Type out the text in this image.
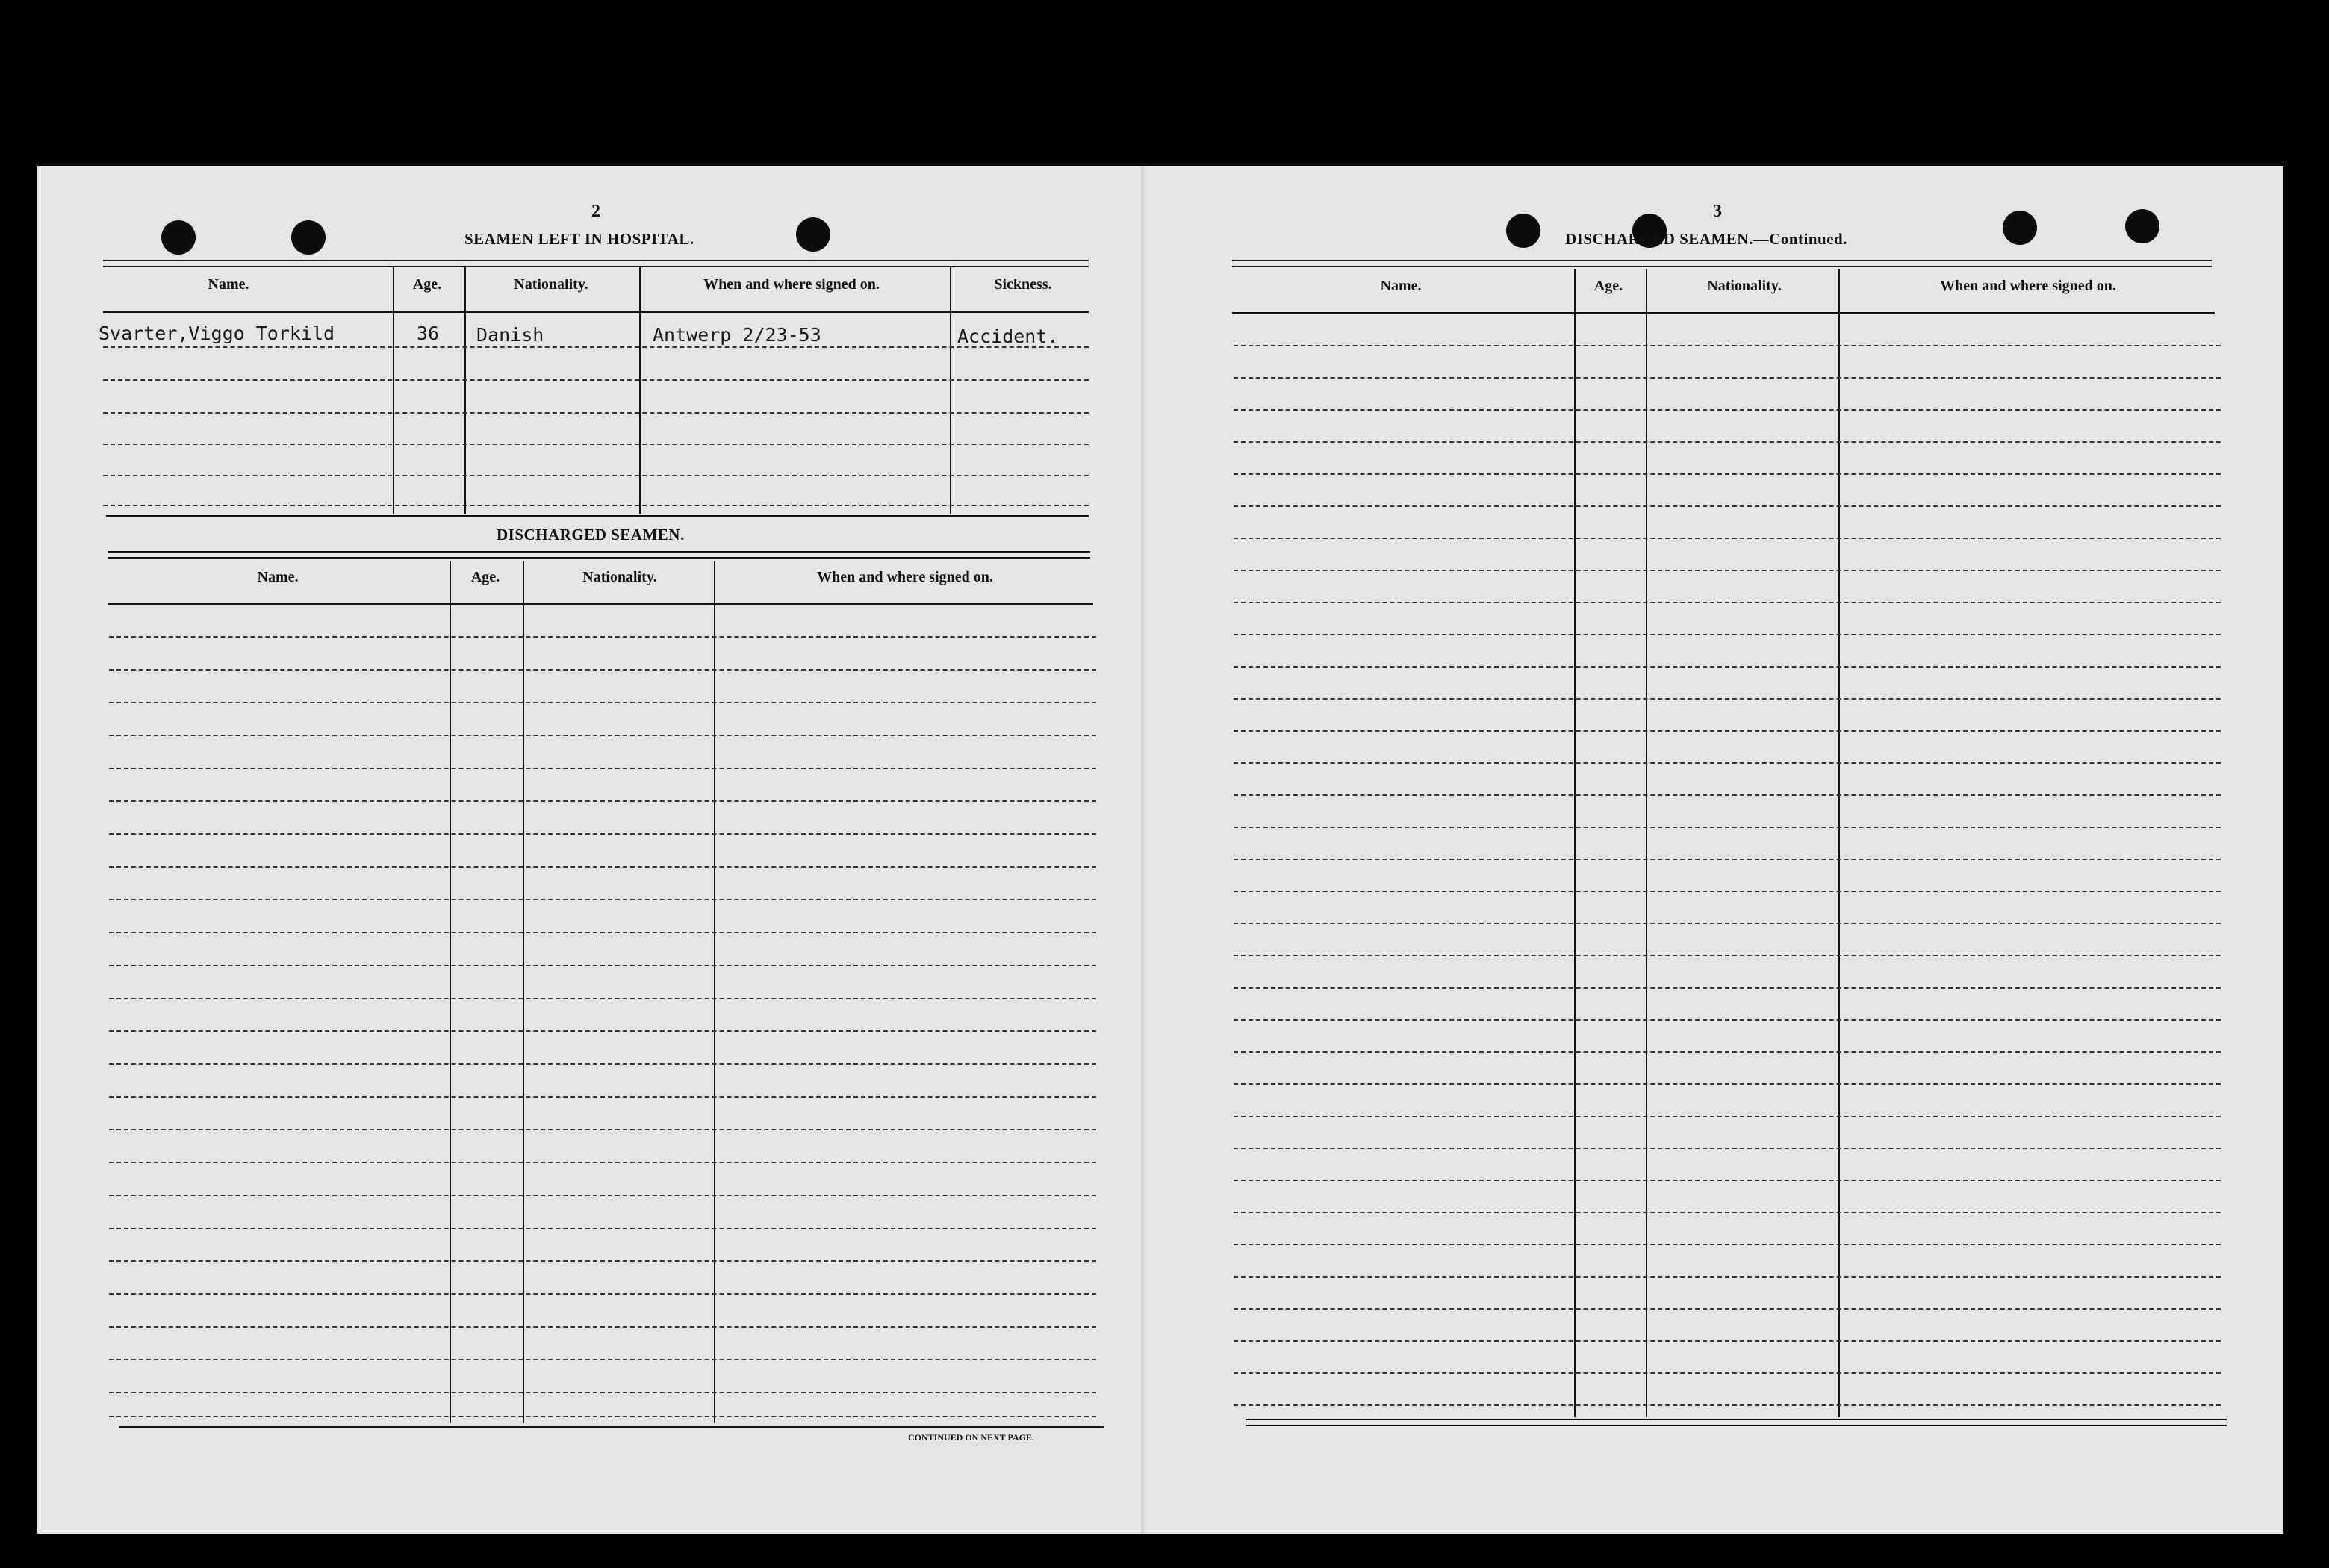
2

SEAMEN LEFT IN HOSPITAL.

Name.	Age.	Nationality.	When and where signed on.	Sickness.

Svarter,Viggo Torkild	36 Danish	Antwerp 2/23-53	Accident.

DISCHARGED SEAMEN.

Name.	Age.	Nationality.	When and where signed on.

CONTINUED ON NEXT PAGE.

3

DISCHARGED SEAMEN.—Continued.

Name.	Age.	Nationality.	When and where signed on.
